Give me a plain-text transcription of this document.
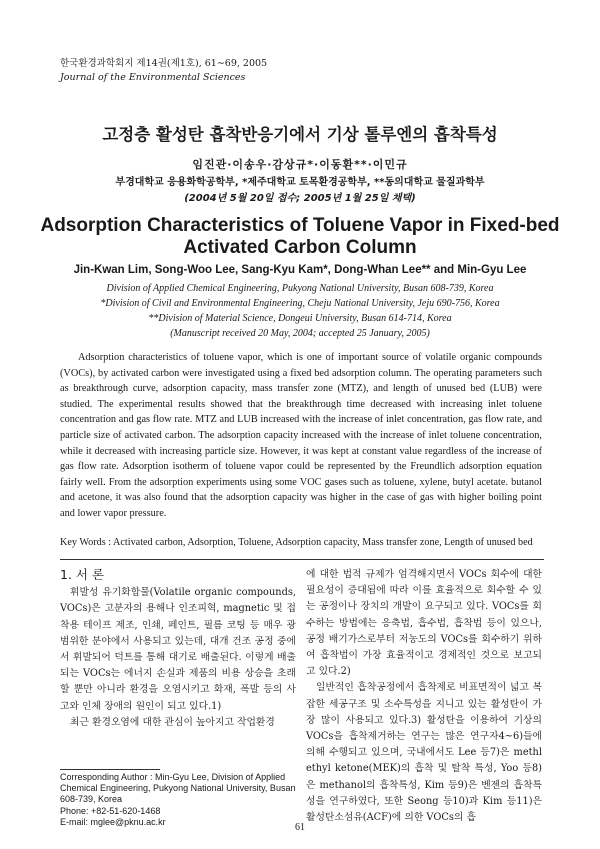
한국환경과학회지 제14권(제1호), 61∼69, 2005
Journal of the Environmental Sciences
고정층 활성탄 흡착반응기에서 기상 톨루엔의 흡착특성
임진관·이송우·감상규*·이동환**·이민규
부경대학교 응용화학공학부, *제주대학교 토목환경공학부, **동의대학교 물질과학부
(2004년 5월 20일 접수; 2005년 1월 25일 채택)
Adsorption Characteristics of Toluene Vapor in Fixed-bed
Activated Carbon Column
Jin-Kwan Lim, Song-Woo Lee, Sang-Kyu Kam*, Dong-Whan Lee** and Min-Gyu Lee
Division of Applied Chemical Engineering, Pukyong National University, Busan 608-739, Korea
*Division of Civil and Environmental Engineering, Cheju National University, Jeju 690-756, Korea
**Division of Material Science, Dongeui University, Busan 614-714, Korea
(Manuscript received 20 May, 2004; accepted 25 January, 2005)

Adsorption characteristics of toluene vapor, which is one of important source of volatile organic compounds (VOCs), by activated carbon were investigated using a fixed bed adsorption column. The operating parameters such as breakthrough curve, adsorption capacity, mass transfer zone (MTZ), and length of unused bed (LUB) were studied. The experimental results showed that the breakthrough time decreased with increasing inlet toluene concentration and gas flow rate. MTZ and LUB increased with the increase of inlet concentration, gas flow rate, and particle size of activated carbon. The adsorption capacity increased with the increase of inlet toluene concentration, while it decreased with increasing particle size. However, it was kept at constant value regardless of the increase of gas flow rate. Adsorption isotherm of toluene vapor could be represented by the Freundlich adsorption equation fairly well. From the adsorption experiments using some VOC gases such as toluene, xylene, butyl acetate. butanol and acetone, it was also found that the adsorption capacity was higher in the case of gas with higher boiling point and lower vapor pressure.

Key Words : Activated carbon, Adsorption, Toluene, Adsorption capacity, Mass transfer zone, Length of unused bed
1. 서 론

휘발성 유기화합물(Volatile organic compounds, VOCs)은 고분자의 용해나 인조피혁, magnetic 및 접착용 테이프 제조, 인쇄, 페인트, 필름 코팅 등 매우 광범위한 분야에서 사용되고 있는데, 대개 건조 공정 중에서 휘발되어 덕트를 통해 대기로 배출된다. 이렇게 배출되는 VOCs는 에너지 손실과 제품의 비용 상승을 초래할 뿐만 아니라 환경을 오염시키고 화재, 폭발 등의 사고와 인체 장애의 원인이 되고 있다.1)

최근 환경오염에 대한 관심이 높아지고 작업환경

에 대한 법적 규제가 엄격해지면서 VOCs 회수에 대한 필요성이 증대됨에 따라 이를 효율적으로 회수할 수 있는 공정이나 장치의 개발이 요구되고 있다. VOCs를 회수하는 방법에는 응축법, 흡수법, 흡착법 등이 있으나, 공정 배기가스로부터 저농도의 VOCs를 회수하기 위하여 흡착법이 가장 효율적이고 경제적인 것으로 보고되고 있다.2)

일반적인 흡착공정에서 흡착제로 비표면적이 넓고 복잡한 세공구조 및 소수특성을 지니고 있는 활성탄이 가장 많이 사용되고 있다.3) 활성탄을 이용하여 기상의 VOCs을 흡착제거하는 연구는 많은 연구자4~6)들에 의해 수행되고 있으며, 국내에서도 Lee 등7)은 methl ethyl ketone(MEK)의 흡착 및 탈착 특성, Yoo 등8)은 methanol의 흡착특성, Kim 등9)은 벤젠의 흡착특성을 연구하였다, 또한 Seong 등10)과 Kim 등11)은 활성탄소섬유(ACF)에 의한 VOCs의 흡

Corresponding Author : Min-Gyu Lee, Division of Applied Chemical Engineering, Pukyong National University, Busan 608-739, Korea
Phone: +82-51-620-1468
E-mail: mglee@pknu.ac.kr
61
